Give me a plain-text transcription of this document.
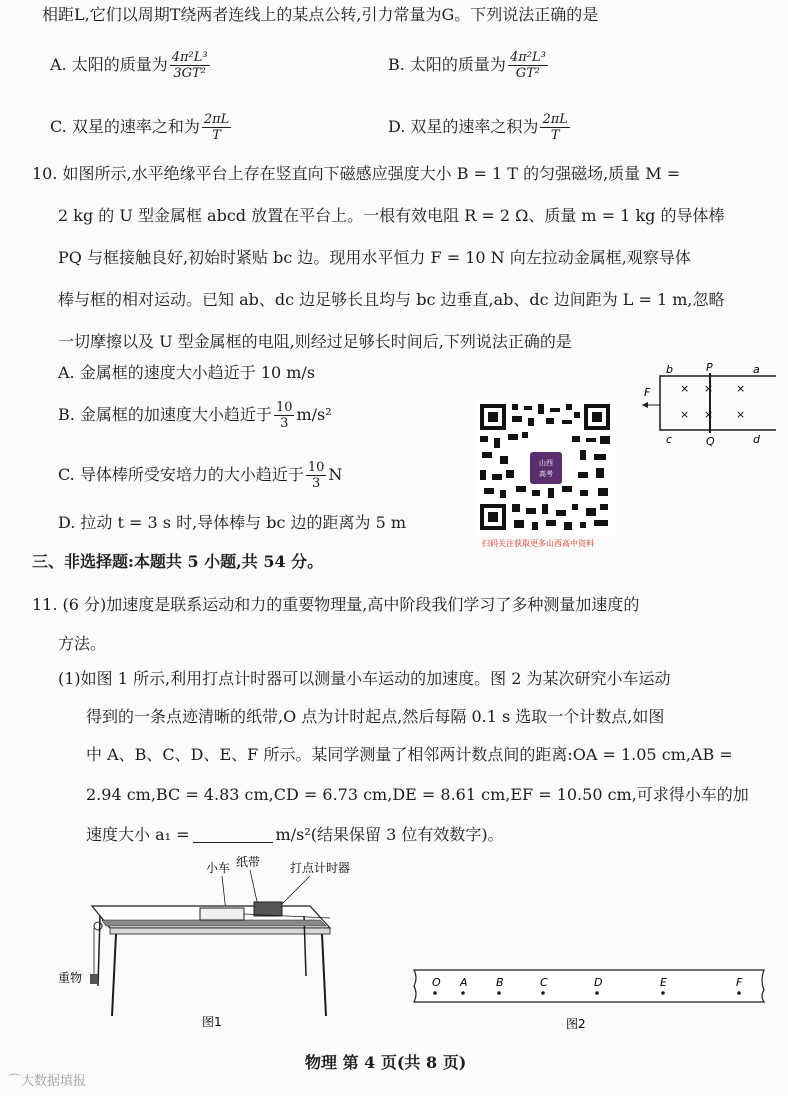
相距L,它们以周期T绕两者连线上的某点公转,引力常量为G。下列说法正确的是
A. 太阳的质量为 $\frac{\text{4π²L³}}{\text{3GT²}}$	B. 太阳的质量为 $\frac{\text{4π²L³}}{\text{GT²}}$
C. 双星的速率之和为 $\frac{2\pi L}{T}$	D. 双星的速率之积为 $\frac{2\pi L}{T}$
10. 如图所示,水平绝缘平台上存在竖直向下磁感应强度大小 B = 1 T 的匀强磁场,质量 M =
2 kg 的 U 型金属框 abcd 放置在平台上。一根有效电阻 R = 2 Ω、质量 m = 1 kg 的导体棒
PQ 与框接触良好,初始时紧贴 bc 边。现用水平恒力 F = 10 N 向左拉动金属框,观察导体
棒与框的相对运动。已知 ab、dc 边足够长且均与 bc 边垂直,ab、dc 边间距为 L = 1 m,忽略
一切摩擦以及 U 型金属框的电阻,则经过足够长时间后,下列说法正确的是
A. 金属框的速度大小趋近于 10 m/s
B. 金属框的加速度大小趋近于 $\frac{10}{3} m/s^2$
C. 导体棒所受安培力的大小趋近于 $\frac{10}{3}$ N
D. 拉动 t = 3 s 时,导体棒与 bc 边的距离为 5 m
b	P	a
F	× × ×
× × ×
c	Q	d
山西
高考
扫码关注获取更多山西高中资料
三、非选择题:本题共 5 小题,共 54 分。
11. (6 分)加速度是联系运动和力的重要物理量,高中阶段我们学习了多种测量加速度的
方法。
(1)如图 1 所示,利用打点计时器可以测量小车运动的加速度。图 2 为某次研究小车运动
得到的一条点迹清晰的纸带,O 点为计时起点,然后每隔 0.1 s 选取一个计数点,如图
中 A、B、C、D、E、F 所示。某同学测量了相邻两计数点间的距离:OA = 1.05 cm,AB =
2.94 cm,BC = 4.83 cm,CD = 6.73 cm,DE = 8.61 cm,EF = 10.50 cm,可求得小车的加
速度大小 a₁ =	m/s²(结果保留 3 位有效数字)。
小车 纸带 打点计时器
重物
图1
O A	B	C	D	E	F
图2
物理 第 4 页(共 8 页)
⌒大数据填报
